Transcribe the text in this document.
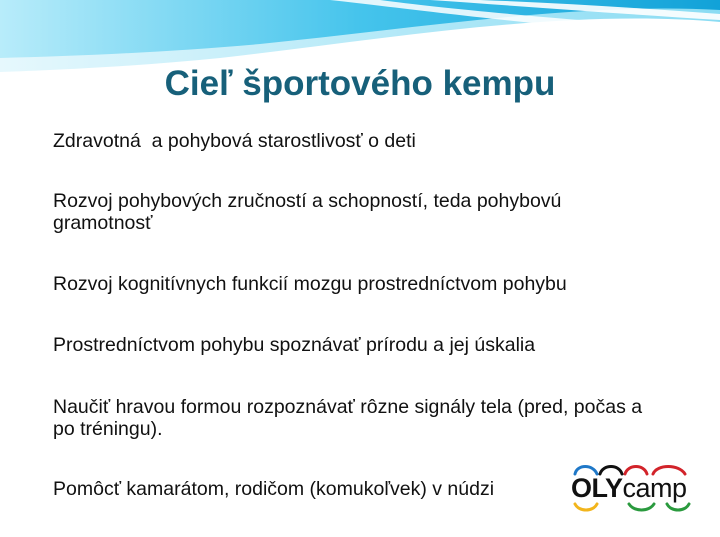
Cieľ športového kempu

Zdravotná  a pohybová starostlivosť o deti

Rozvoj pohybových zručností a schopností, teda pohybovú gramotnosť

Rozvoj kognitívnych funkcií mozgu prostredníctvom pohybu

Prostredníctvom pohybu spoznávať prírodu a jej úskalia

Naučiť hravou formou rozpoznávať rôzne signály tela (pred, počas a po tréningu).

Pomôcť kamarátom, rodičom (komukoľvek) v núdzi	OLYcamp
